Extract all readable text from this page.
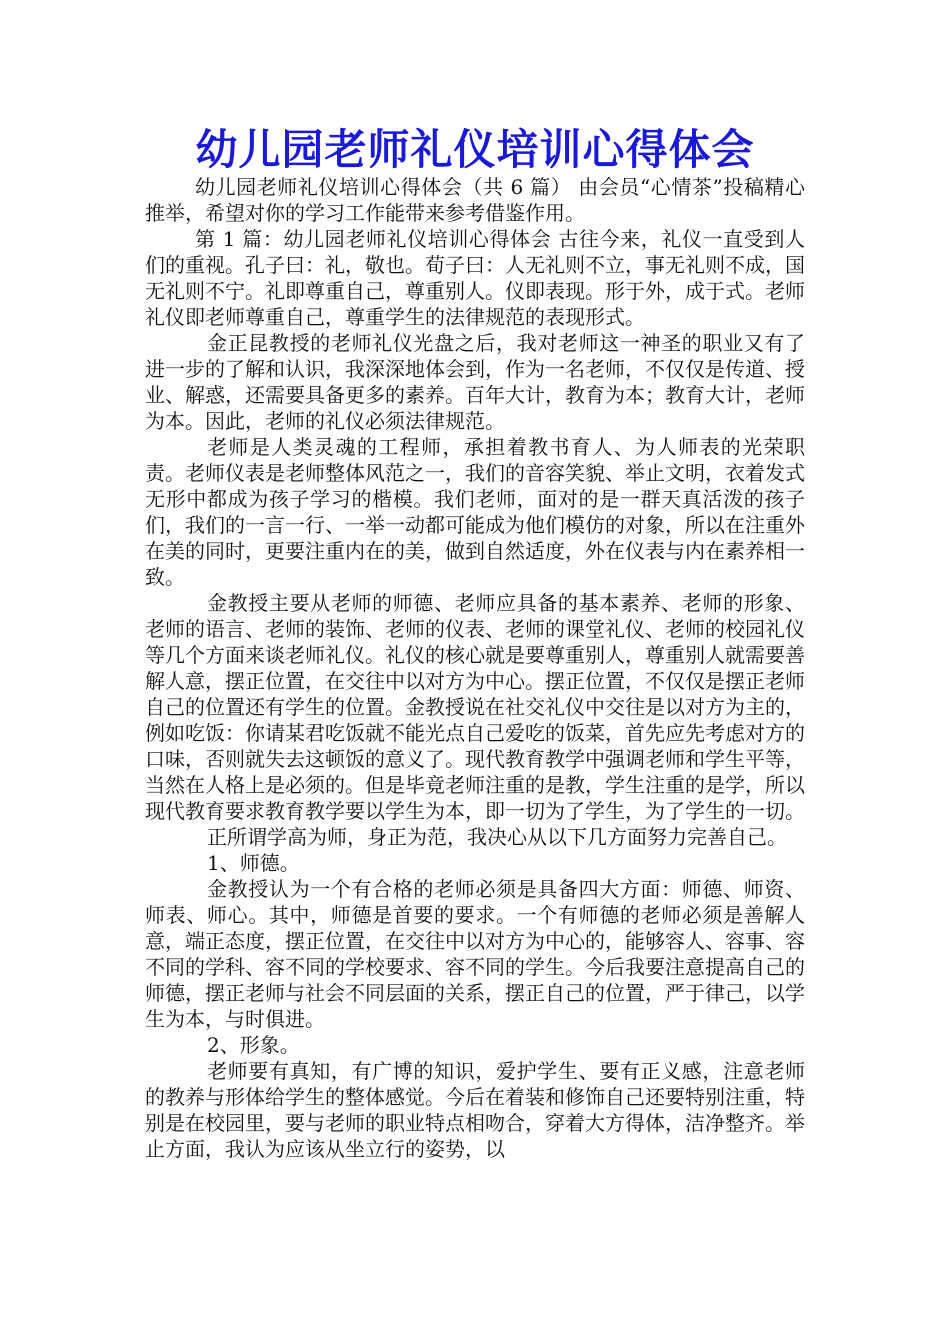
幼儿园老师礼仪培训心得体会

幼儿园老师礼仪培训心得体会（共 6 篇） 由会员“心情茶”投稿精心推举，希望对你的学习工作能带来参考借鉴作用。

第 1 篇：幼儿园老师礼仪培训心得体会 古往今来，礼仪一直受到人们的重视。孔子曰：礼，敬也。荀子曰：人无礼则不立，事无礼则不成，国无礼则不宁。礼即尊重自己，尊重别人。仪即表现。形于外，成于式。老师礼仪即老师尊重自己，尊重学生的法律规范的表现形式。

金正昆教授的老师礼仪光盘之后，我对老师这一神圣的职业又有了进一步的了解和认识，我深深地体会到，作为一名老师，不仅仅是传道、授业、解惑，还需要具备更多的素养。百年大计，教育为本；教育大计，老师为本。因此，老师的礼仪必须法律规范。

老师是人类灵魂的工程师，承担着教书育人、为人师表的光荣职责。老师仪表是老师整体风范之一，我们的音容笑貌、举止文明，衣着发式无形中都成为孩子学习的楷模。我们老师，面对的是一群天真活泼的孩子们，我们的一言一行、一举一动都可能成为他们模仿的对象，所以在注重外在美的同时，更要注重内在的美，做到自然适度，外在仪表与内在素养相一致。

金教授主要从老师的师德、老师应具备的基本素养、老师的形象、老师的语言、老师的装饰、老师的仪表、老师的课堂礼仪、老师的校园礼仪等几个方面来谈老师礼仪。礼仪的核心就是要尊重别人，尊重别人就需要善解人意，摆正位置，在交往中以对方为中心。摆正位置，不仅仅是摆正老师自己的位置还有学生的位置。金教授说在社交礼仪中交往是以对方为主的，例如吃饭：你请某君吃饭就不能光点自己爱吃的饭菜，首先应先考虑对方的口味，否则就失去这顿饭的意义了。现代教育教学中强调老师和学生平等，当然在人格上是必须的。但是毕竟老师注重的是教，学生注重的是学，所以现代教育要求教育教学要以学生为本，即一切为了学生，为了学生的一切。

正所谓学高为师，身正为范，我决心从以下几方面努力完善自己。

1、师德。

金教授认为一个有合格的老师必须是具备四大方面：师德、师资、师表、师心。其中，师德是首要的要求。一个有师德的老师必须是善解人意，端正态度，摆正位置，在交往中以对方为中心的，能够容人、容事、容不同的学科、容不同的学校要求、容不同的学生。今后我要注意提高自己的师德，摆正老师与社会不同层面的关系，摆正自己的位置，严于律己，以学生为本，与时俱进。

2、形象。

老师要有真知，有广博的知识，爱护学生、要有正义感，注意老师的教养与形体给学生的整体感觉。今后在着装和修饰自己还要特别注重，特别是在校园里，要与老师的职业特点相吻合，穿着大方得体，洁净整齐。举止方面，我认为应该从坐立行的姿势，以
